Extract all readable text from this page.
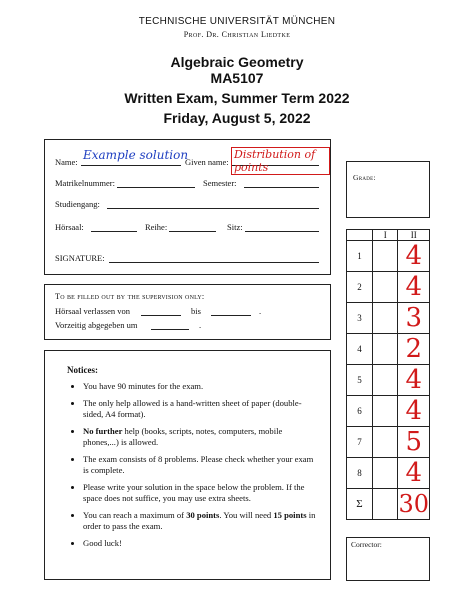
TECHNISCHE UNIVERSITÄT MÜNCHEN
Prof. Dr. Christian Liedtke
Algebraic Geometry
MA5107
Written Exam, Summer Term 2022
Friday, August 5, 2022
Name: Example solution
Given name:
Distribution of points
Matrikelnummer:	Semester:
Studiengang:
Hörsaal:	Reihe:	Sitz:
SIGNATURE:
To be filled out by the supervision only:
Hörsaal verlassen von	bis	.
Vorzeitig abgegeben um	.
Notices:
• You have 90 minutes for the exam.
• The only help allowed is a hand-written sheet of paper (double-sided, A4 format).
• No further help (books, scripts, notes, computers, mobile phones,...) is allowed.
• The exam consists of 8 problems. Please check whether your exam is complete.
• Please write your solution in the space below the problem. If the space does not suffice, you may use extra sheets.
• You can reach a maximum of 30 points. You will need 15 points in order to pass the exam.
• Good luck!
Grade:
	I	II
1		4
2		4
3		3
4		2
5		4
6		4
7		5
8		4
Σ		30
Corrector:
